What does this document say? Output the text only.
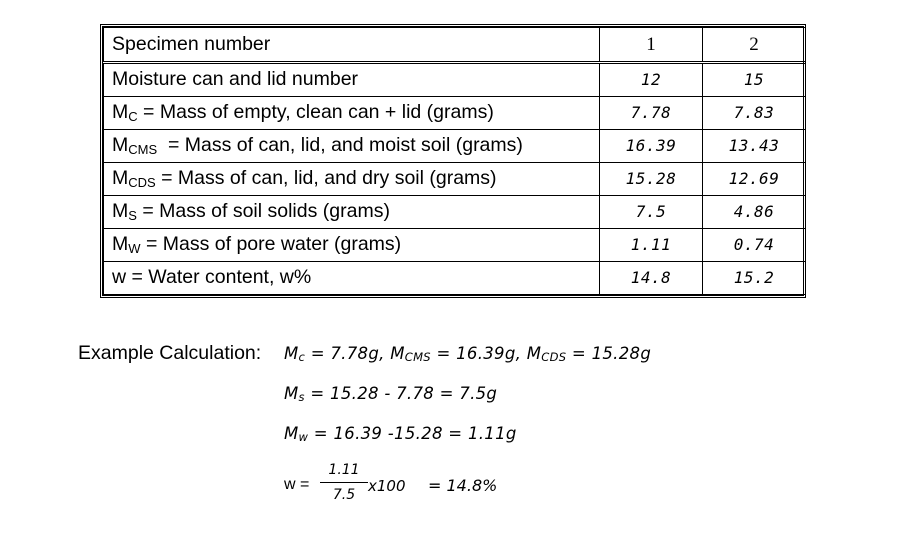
Specimen number	1	2
Moisture can and lid number	12	15
$M_C$ = Mass of empty, clean can + lid (grams)	7.78	7.83
$M_{CMS}$  = Mass of can, lid, and moist soil (grams)	16.39	13.43
$M_{CDS}$ = Mass of can, lid, and dry soil (grams)	15.28	12.69
$M_S$ = Mass of soil solids (grams)	7.5	4.86
$M_W$ = Mass of pore water (grams)	1.11	0.74
w = Water content, w%	14.8	15.2
Example Calculation: $M_c = 7.78g$, $M_{CMS} = 16.39g$, $M_{CDS} = 15.28g$
$M_s = 15.28 - 7.78 = 7.5g$
$M_w = 16.39$ -15.28 = 1.11g
w =
1.11
7.5 x100 = 14.8%
